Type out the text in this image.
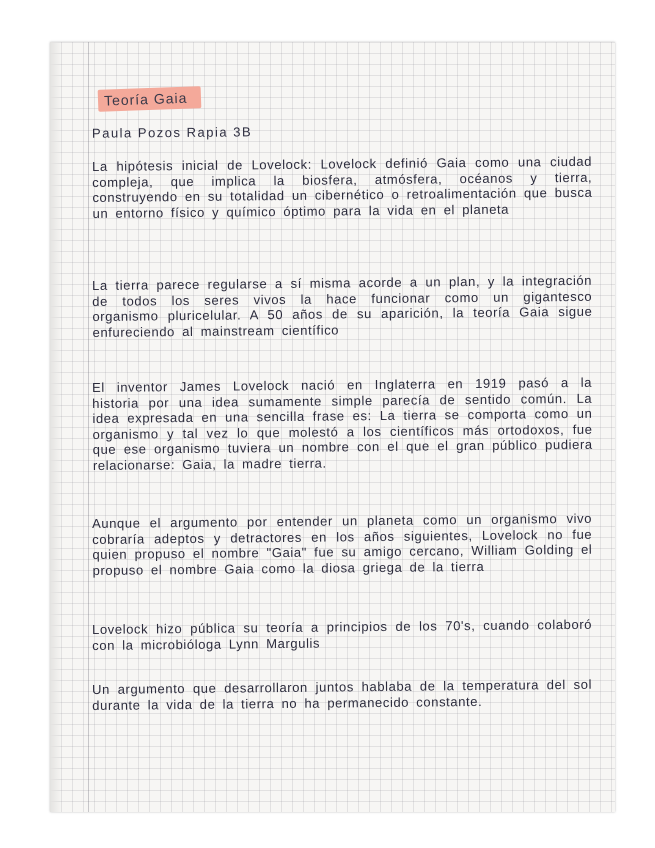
Teoría Gaia
Paula Pozos Rapia 3B

La hipótesis inicial de Lovelock: Lovelock definió Gaia como una ciudad compleja, que implica la biosfera, atmósfera, océanos y tierra, construyendo en su totalidad un cibernético o retroalimentación que busca un entorno físico y químico óptimo para la vida en el planeta

La tierra parece regularse a sí misma acorde a un plan, y la integración de todos los seres vivos la hace funcionar como un gigantesco organismo pluricelular. A 50 años de su aparición, la teoría Gaia sigue enfureciendo al mainstream científico

El inventor James Lovelock nació en Inglaterra en 1919 pasó a la historia por una idea sumamente simple parecía de sentido común. La idea expresada en una sencilla frase es: La tierra se comporta como un organismo y tal vez lo que molestó a los científicos más ortodoxos, fue que ese organismo tuviera un nombre con el que el gran público pudiera relacionarse: Gaia, la madre tierra.

Aunque el argumento por entender un planeta como un organismo vivo cobraría adeptos y detractores en los años siguientes, Lovelock no fue quien propuso el nombre "Gaia" fue su amigo cercano, William Golding el propuso el nombre Gaia como la diosa griega de la tierra

Lovelock hizo pública su teoría a principios de los 70's, cuando colaboró con la microbióloga Lynn Margulis

Un argumento que desarrollaron juntos hablaba de la temperatura del sol durante la vida de la tierra no ha permanecido constante.
